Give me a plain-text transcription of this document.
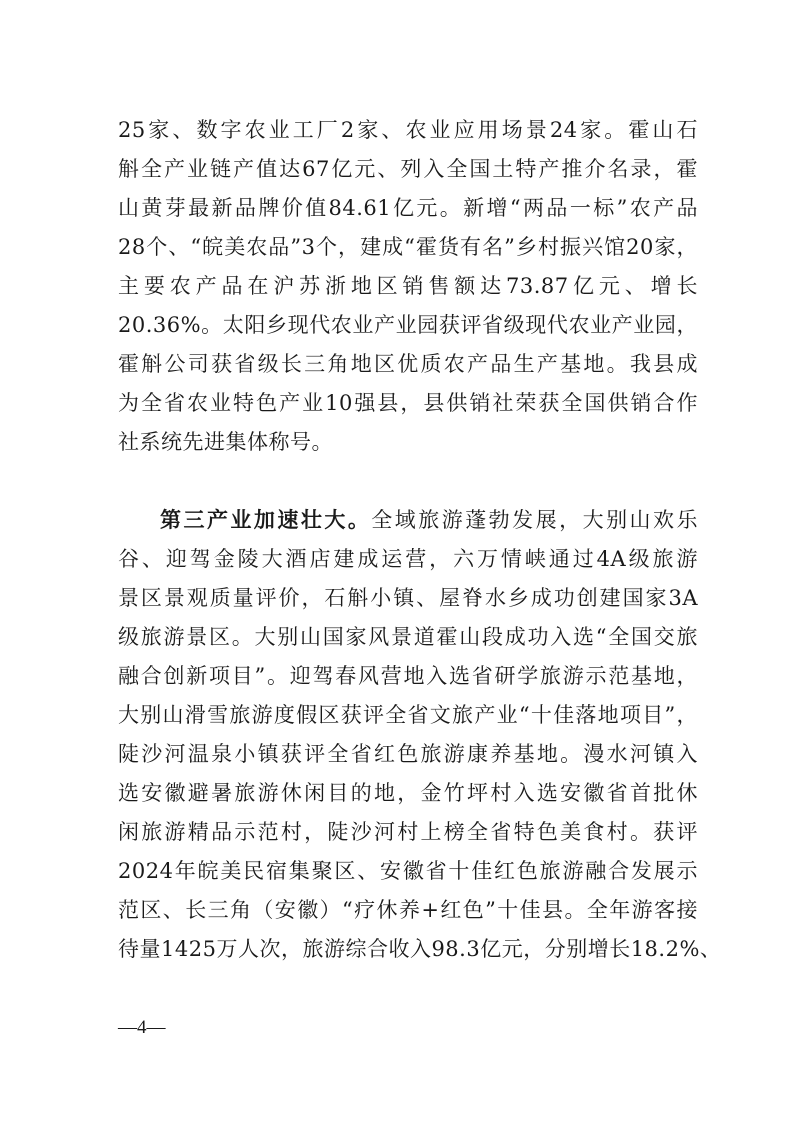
25家、数字农业工厂2家、农业应用场景24家。霍山石
斛全产业链产值达67亿元、列入全国土特产推介名录，霍
山黄芽最新品牌价值84.61亿元。新增“两品一标”农产品
28个、“皖美农品”3个，建成“霍货有名”乡村振兴馆20家，
主要农产品在沪苏浙地区销售额达73.87亿元、增长
20.36%。太阳乡现代农业产业园获评省级现代农业产业园，
霍斛公司获省级长三角地区优质农产品生产基地。我县成
为全省农业特色产业10强县，县供销社荣获全国供销合作
社系统先进集体称号。
第三产业加速壮大。全域旅游蓬勃发展，大别山欢乐
谷、迎驾金陵大酒店建成运营，六万情峡通过4A级旅游
景区景观质量评价，石斛小镇、屋脊水乡成功创建国家3A
级旅游景区。大别山国家风景道霍山段成功入选“全国交旅
融合创新项目”。迎驾春风营地入选省研学旅游示范基地，
大别山滑雪旅游度假区获评全省文旅产业“十佳落地项目”，
陡沙河温泉小镇获评全省红色旅游康养基地。漫水河镇入
选安徽避暑旅游休闲目的地，金竹坪村入选安徽省首批休
闲旅游精品示范村，陡沙河村上榜全省特色美食村。获评
2024年皖美民宿集聚区、安徽省十佳红色旅游融合发展示
范区、长三角（安徽）“疗休养+红色”十佳县。全年游客接
待量1425万人次，旅游综合收入98.3亿元，分别增长18.2%、
—4—
